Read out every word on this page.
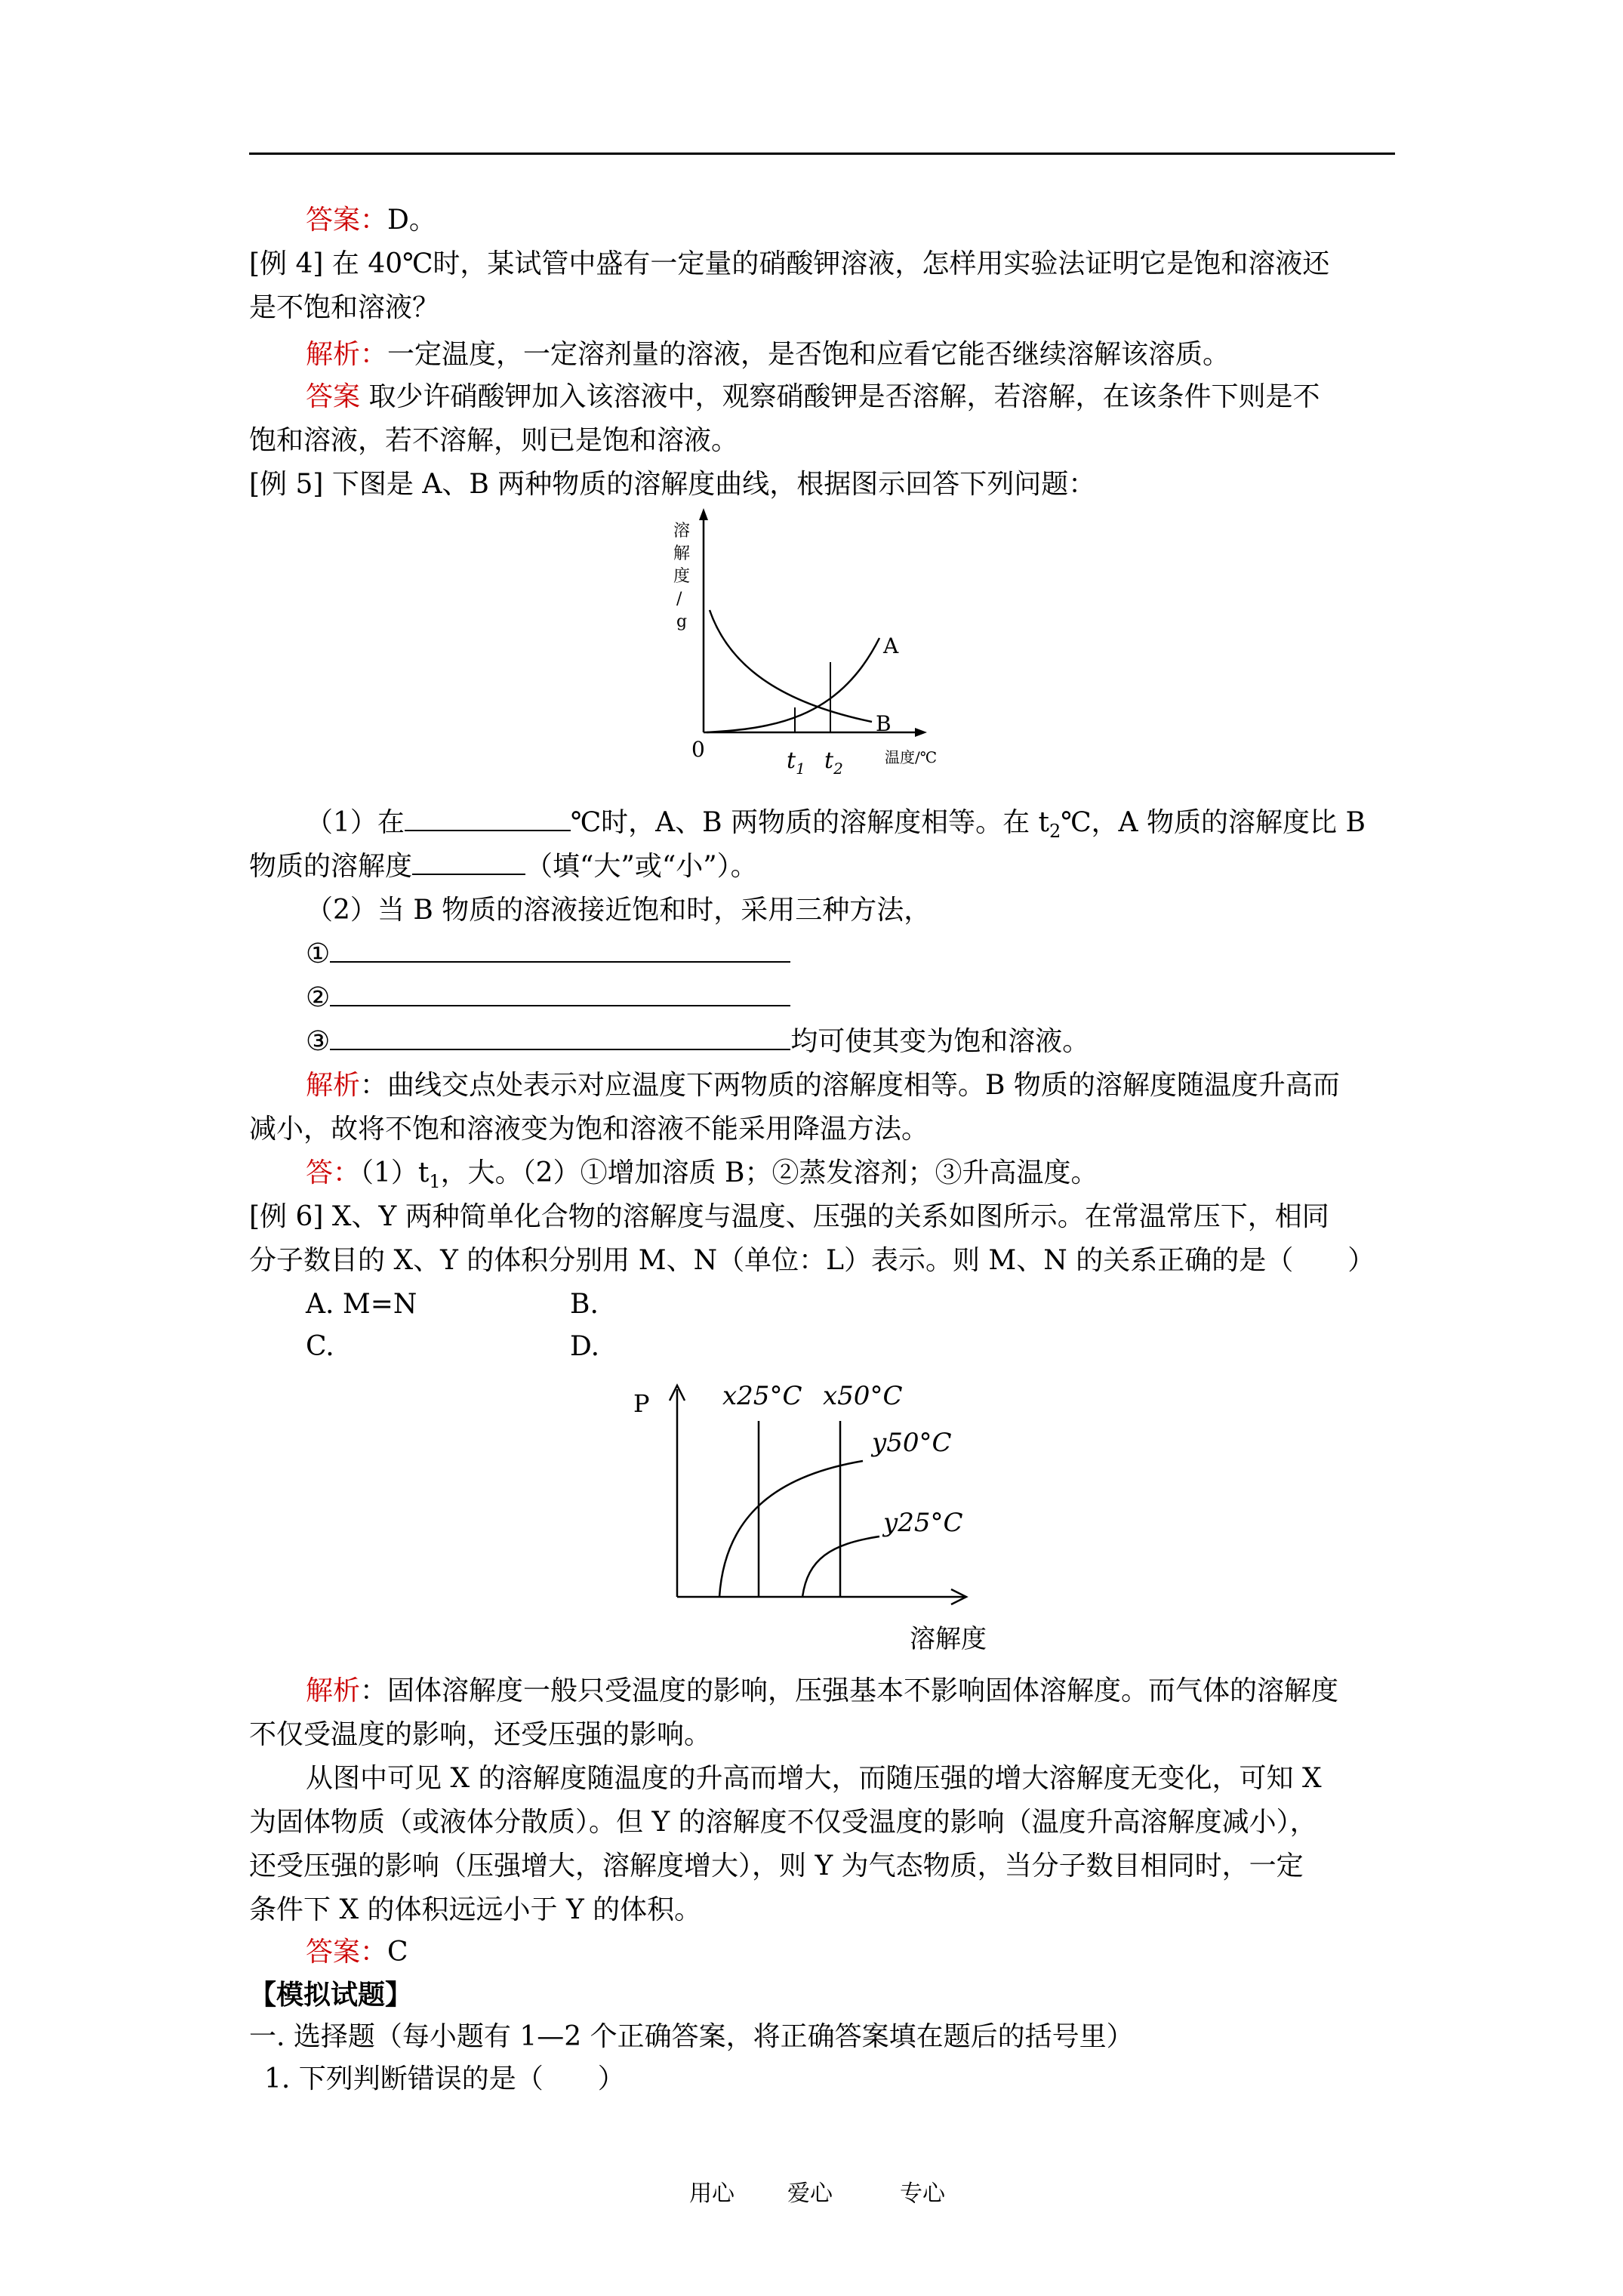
答案：D。
[例 4] 在 40℃时，某试管中盛有一定量的硝酸钾溶液，怎样用实验法证明它是饱和溶液还
是不饱和溶液？
解析：一定温度，一定溶剂量的溶液，是否饱和应看它能否继续溶解该溶质。
答案 取少许硝酸钾加入该溶液中，观察硝酸钾是否溶解，若溶解，在该条件下则是不
饱和溶液，若不溶解，则已是饱和溶液。
[例 5] 下图是 A、B 两种物质的溶解度曲线，根据图示回答下列问题：
溶
解
度
/
g
A
B
0	$t_1$ $t_2$
温度/℃
（1）在	℃时，A、B 两物质的溶解度相等。在 $t_2℃$，A 物质的溶解度比 B
物质的溶解度	（填“大”或“小”）。
（2）当 B 物质的溶液接近饱和时，采用三种方法，
①
②
③	均可使其变为饱和溶液。
解析：曲线交点处表示对应温度下两物质的溶解度相等。B 物质的溶解度随温度升高而
减小，故将不饱和溶液变为饱和溶液不能采用降温方法。
答：$(1)t_1$，大。（2）①增加溶质 B；②蒸发溶剂；③升高温度。
[例 6] X、Y 两种简单化合物的溶解度与温度、压强的关系如图所示。在常温常压下，相同
分子数目的 X、Y 的体积分别用 M、N（单位：L）表示。则 M、N 的关系正确的是（　　）
A. M=N	B.
C.	D.
P	x25°C x50°C
y50°C
y25°C
溶解度
解析：固体溶解度一般只受温度的影响，压强基本不影响固体溶解度。而气体的溶解度
不仅受温度的影响，还受压强的影响。
从图中可见 X 的溶解度随温度的升高而增大，而随压强的增大溶解度无变化，可知 X
为固体物质（或液体分散质）。但 Y 的溶解度不仅受温度的影响（温度升高溶解度减小），
还受压强的影响（压强增大，溶解度增大），则 Y 为气态物质，当分子数目相同时，一定
条件下 X 的体积远远小于 Y 的体积。
答案：C
【模拟试题】
一. 选择题（每小题有 1—2 个正确答案，将正确答案填在题后的括号里）
1. 下列判断错误的是（　　）
用心 爱心	专心
